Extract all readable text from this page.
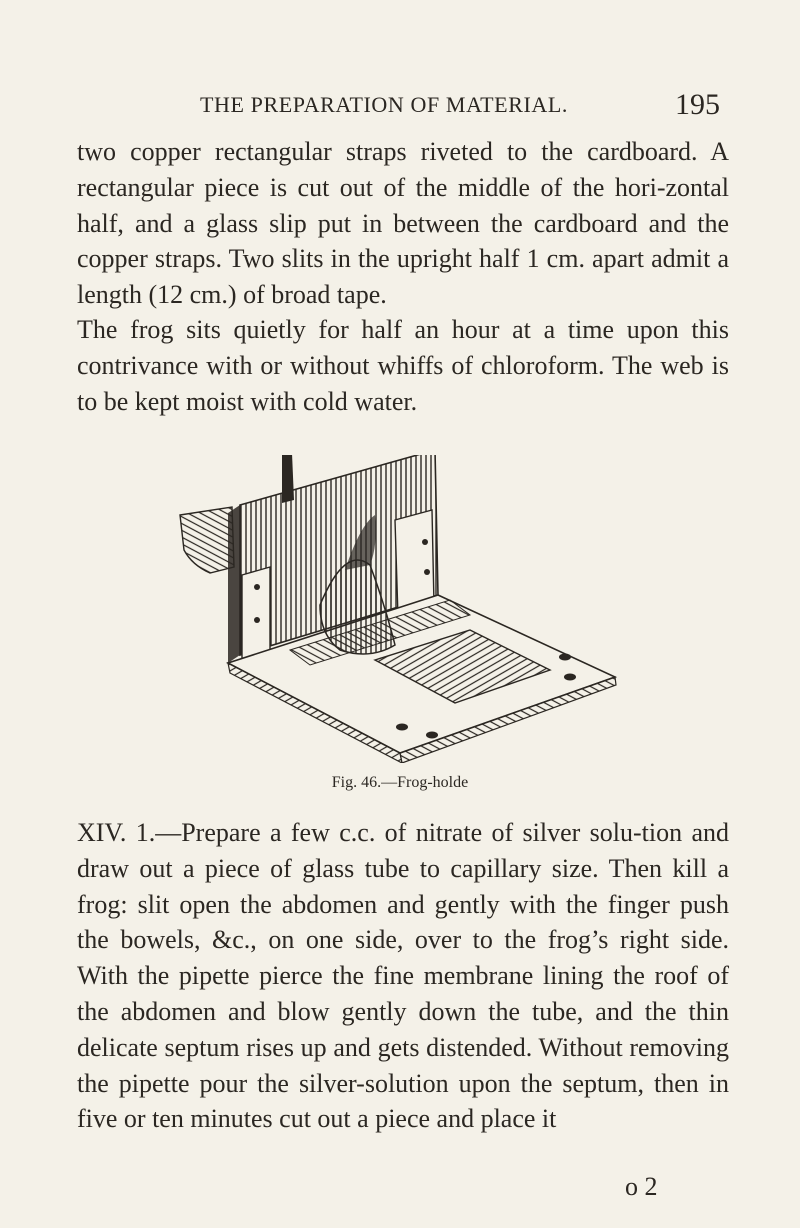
THE PREPARATION OF MATERIAL.	195

two copper rectangular straps riveted to the cardboard. A rectangular piece is cut out of the middle of the hori-zontal half, and a glass slip put in between the cardboard and the copper straps. Two slits in the upright half 1 cm. apart admit a length (12 cm.) of broad tape.

The frog sits quietly for half an hour at a time upon this contrivance with or without whiffs of chloroform. The web is to be kept moist with cold water.

Fig. 46.—Frog-holde

XIV. 1.—Prepare a few c.c. of nitrate of silver solu-tion and draw out a piece of glass tube to capillary size. Then kill a frog: slit open the abdomen and gently with the finger push the bowels, &c., on one side, over to the frog’s right side. With the pipette pierce the fine membrane lining the roof of the abdomen and blow gently down the tube, and the thin delicate septum rises up and gets distended. Without removing the pipette pour the silver-solution upon the septum, then in five or ten minutes cut out a piece and place it

o 2
